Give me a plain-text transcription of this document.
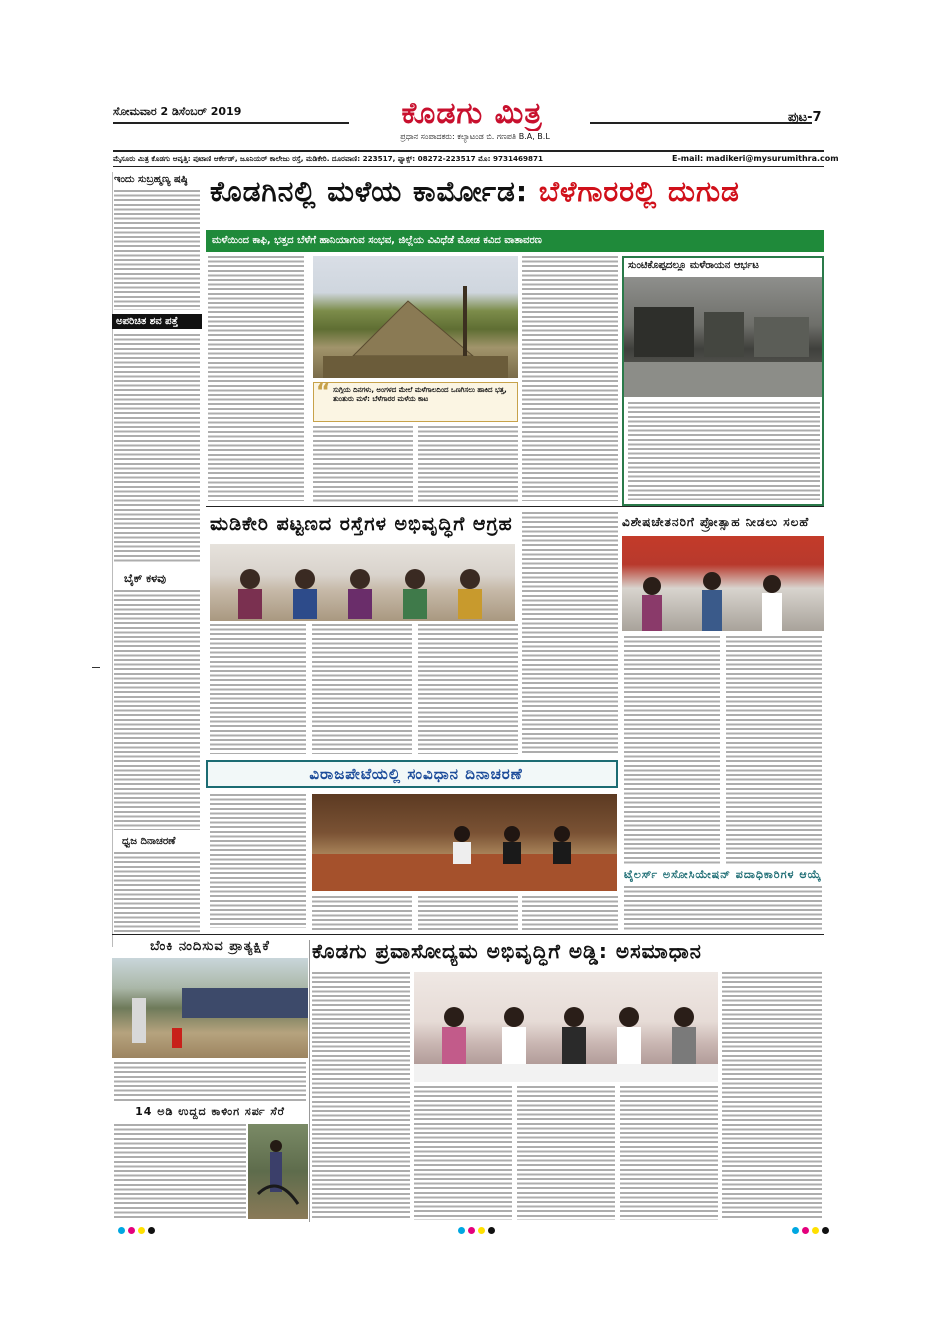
ಸೋಮವಾರ 2 ಡಿಸೆಂಬರ್ 2019	ಕೊಡಗು ಮಿತ್ರ
ಪ್ರಧಾನ ಸಂಪಾದಕರು: ಕಲ್ಯಾಟಂಡ ಬಿ. ಗಣಪತಿ B.A, B.L
ಪುಟ-7
ಮೈಸೂರು ಮಿತ್ರ ಕೊಡಗು ಆವೃತ್ತಿ: ಪುಟಾಣಿ ಆರ್ಕೇಡ್, ಜೂನಿಯರ್ ಕಾಲೇಜು ರಸ್ತೆ, ಮಡಿಕೇರಿ. ದೂರವಾಣಿ: 223517, ಫ್ಯಾಕ್ಸ್: 08272-223517 ಮೊ: 9731469871	E-mail: madikeri@mysurumithra.com
ಇಂದು ಸುಬ್ರಹ್ಮಣ್ಯ ಷಷ್ಠಿ
ಅಪರಿಚಿತ ಶವ ಪತ್ತೆ
ಬೈಕ್ ಕಳವು
ಧ್ವಜ ದಿನಾಚರಣೆ
ಕೊಡಗಿನಲ್ಲಿ ಮಳೆಯ ಕಾರ್ಮೋಡ: ಬೆಳೆಗಾರರಲ್ಲಿ ದುಗುಡ
ಮಳೆಯಿಂದ ಕಾಫಿ, ಭತ್ತದ ಬೆಳೆಗೆ ಹಾನಿಯಾಗುವ ಸಂಭವ, ಜಿಲ್ಲೆಯ ವಿವಿಧೆಡೆ ಮೋಡ ಕವಿದ ವಾತಾವರಣ
“ ಸುಗ್ಗಿಯ ದಿನಗಳು, ಅಂಗಳದ ಮೇಲೆ ಮಳೆಗಾಲದಿಂದ ಒಣಗಿಸಲು ಹಾಕಿದ ಭತ್ತ, ತುಂತುರು ಮಳೆ: ಬೆಳೆಗಾರರ ಮಳೆಯ ಕಾಟ
ಸುಂಟಿಕೊಪ್ಪದಲ್ಲೂ ಮಳೆರಾಯನ ಆರ್ಭಟ
ಮಡಿಕೇರಿ ಪಟ್ಟಣದ ರಸ್ತೆಗಳ ಅಭಿವೃದ್ಧಿಗೆ ಆಗ್ರಹ	ವಿಶೇಷಚೇತನರಿಗೆ ಪ್ರೋತ್ಸಾಹ ನೀಡಲು ಸಲಹೆ
ವಿರಾಜಪೇಟೆಯಲ್ಲಿ ಸಂವಿಧಾನ ದಿನಾಚರಣೆ
ಟೈಲರ್ಸ್ ಅಸೋಸಿಯೇಷನ್ ಪದಾಧಿಕಾರಿಗಳ ಆಯ್ಕೆ
ಬೆಂಕಿ ನಂದಿಸುವ ಪ್ರಾತ್ಯಕ್ಷಿಕೆ
14 ಅಡಿ ಉದ್ದದ ಕಾಳಿಂಗ ಸರ್ಪ ಸೆರೆ
ಕೊಡಗು ಪ್ರವಾಸೋದ್ಯಮ ಅಭಿವೃದ್ಧಿಗೆ ಅಡ್ಡಿ: ಅಸಮಾಧಾನ
